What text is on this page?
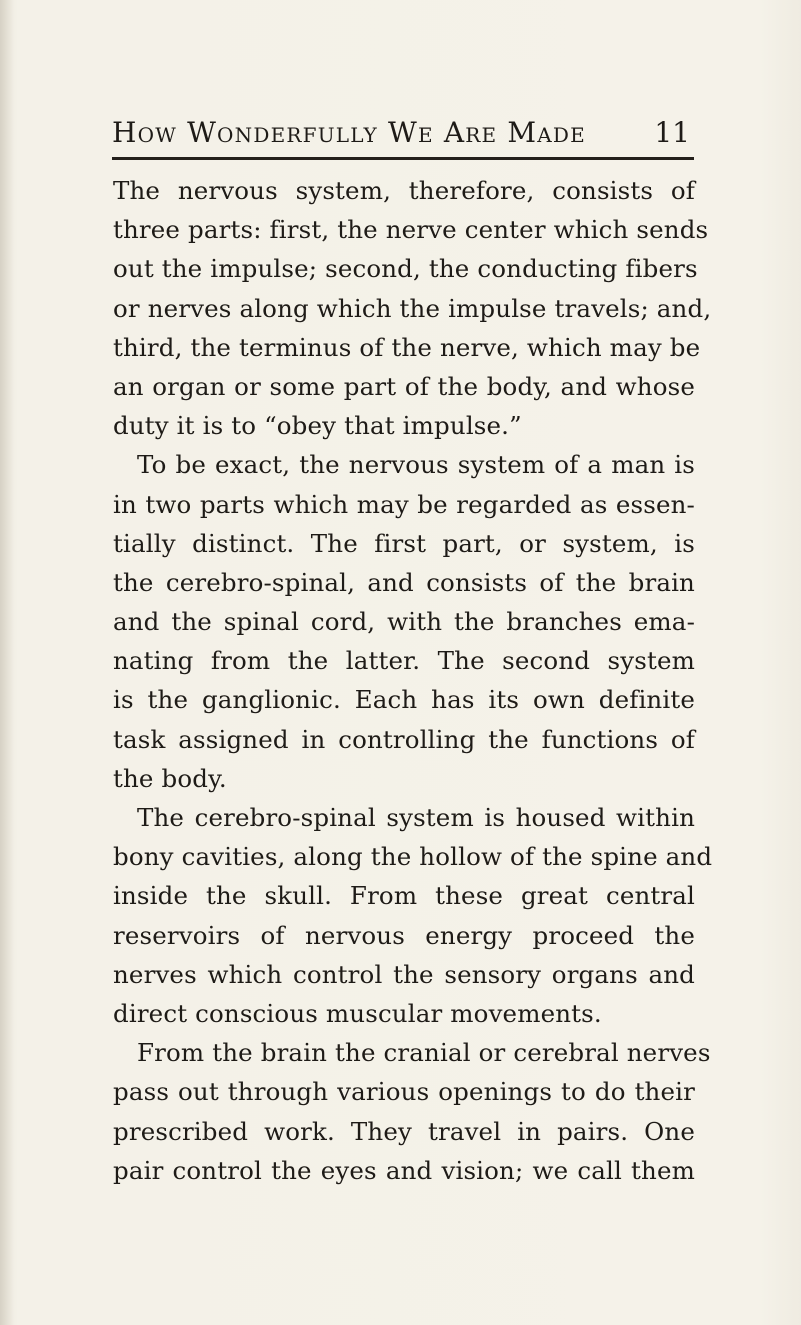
How Wonderfully We Are Made 11
The nervous system, therefore, consists of
three parts: first, the nerve center which sends
out the impulse; second, the conducting fibers
or nerves along which the impulse travels; and,
third, the terminus of the nerve, which may be
an organ or some part of the body, and whose
duty it is to “obey that impulse.”
To be exact, the nervous system of a man is
in two parts which may be regarded as essen-
tially distinct. The first part, or system, is
the cerebro-spinal, and consists of the brain
and the spinal cord, with the branches ema-
nating from the latter. The second system
is the ganglionic. Each has its own definite
task assigned in controlling the functions of
the body.
The cerebro-spinal system is housed within
bony cavities, along the hollow of the spine and
inside the skull. From these great central
reservoirs of nervous energy proceed the
nerves which control the sensory organs and
direct conscious muscular movements.
From the brain the cranial or cerebral nerves
pass out through various openings to do their
prescribed work. They travel in pairs. One
pair control the eyes and vision; we call them
